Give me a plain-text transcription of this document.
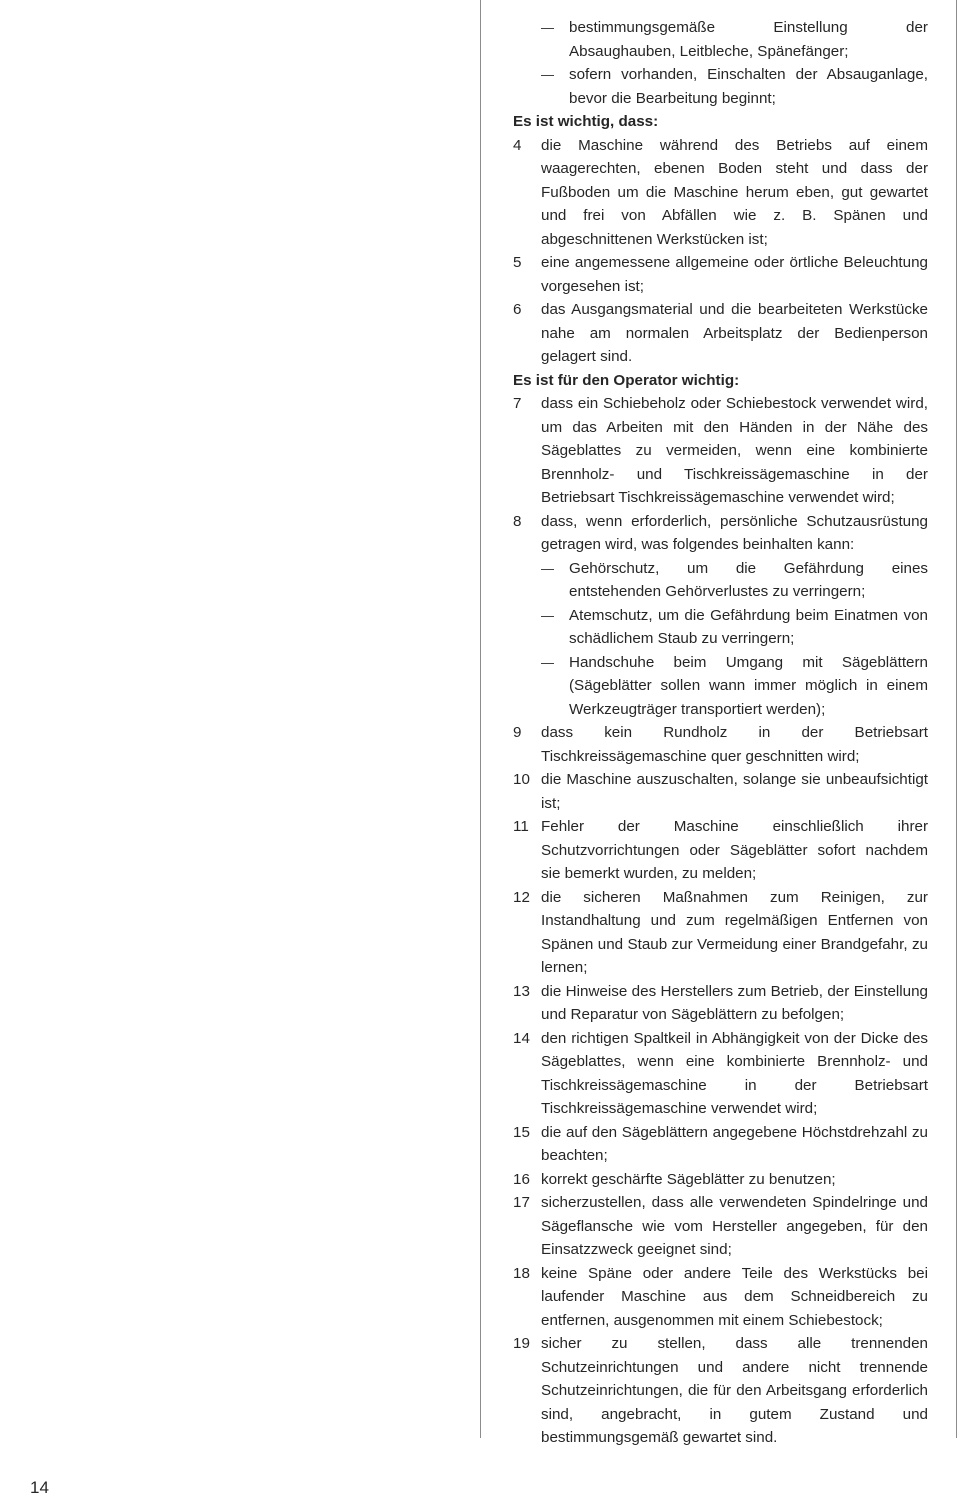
—
bestimmungsgemäße Einstellung der Absaughauben, Leitbleche, Spänefänger;
—
sofern vorhanden, Einschalten der Absauganlage, bevor die Bearbeitung beginnt;
Es ist wichtig, dass:
4	die Maschine während des Betriebs auf einem waagerechten, ebenen Boden steht und dass der Fußboden um die Maschine herum eben, gut gewartet und frei von Abfällen wie z. B. Spänen und abgeschnittenen Werkstücken ist;
5	eine angemessene allgemeine oder örtliche Beleuchtung vorgesehen ist;
6	das Ausgangsmaterial und die bearbeiteten Werkstücke nahe am normalen Arbeitsplatz der Bedienperson gelagert sind.
Es ist für den Operator wichtig:
7	dass ein Schiebeholz oder Schiebestock verwendet wird, um das Arbeiten mit den Händen in der Nähe des Sägeblattes zu vermeiden, wenn eine kombinierte Brennholz- und Tischkreissägemaschine in der Betriebsart Tischkreissägemaschine verwendet wird;
8	dass, wenn erforderlich, persönliche Schutzausrüstung getragen wird, was folgendes beinhalten kann:
—
Gehörschutz, um die Gefährdung eines entstehenden Gehörverlustes zu verringern;
—
Atemschutz, um die Gefährdung beim Einatmen von schädlichem Staub zu verringern;
—
Handschuhe beim Umgang mit Sägeblättern (Sägeblätter sollen wann immer möglich in einem Werkzeugträger transportiert werden);
9	dass kein Rundholz in der Betriebsart Tischkreissägemaschine quer geschnitten wird;
10 die Maschine auszuschalten, solange sie unbeaufsichtigt ist;
11 Fehler der Maschine einschließlich ihrer Schutzvorrichtungen oder Sägeblätter sofort nachdem sie bemerkt wurden, zu melden;
12 die sicheren Maßnahmen zum Reinigen, zur Instandhaltung und zum regelmäßigen Entfernen von Spänen und Staub zur Vermeidung einer Brandgefahr, zu lernen;
13 die Hinweise des Herstellers zum Betrieb, der Einstellung und Reparatur von Sägeblättern zu befolgen;
14 den richtigen Spaltkeil in Abhängigkeit von der Dicke des Sägeblattes, wenn eine kombinierte Brennholz- und Tischkreissägemaschine in der Betriebsart Tischkreissägemaschine verwendet wird;
15 die auf den Sägeblättern angegebene Höchstdrehzahl zu beachten;
16 korrekt geschärfte Sägeblätter zu benutzen;
17 sicherzustellen, dass alle verwendeten Spindelringe und Sägeflansche wie vom Hersteller angegeben, für den Einsatzzweck geeignet sind;
18 keine Späne oder andere Teile des Werkstücks bei laufender Maschine aus dem Schneidbereich zu entfernen, ausgenommen mit einem Schiebestock;
19 sicher zu stellen, dass alle trennenden Schutzeinrichtungen und andere nicht trennende Schutzeinrichtungen, die für den Arbeitsgang erforderlich sind, angebracht, in gutem Zustand und bestimmungsgemäß gewartet sind.
14
